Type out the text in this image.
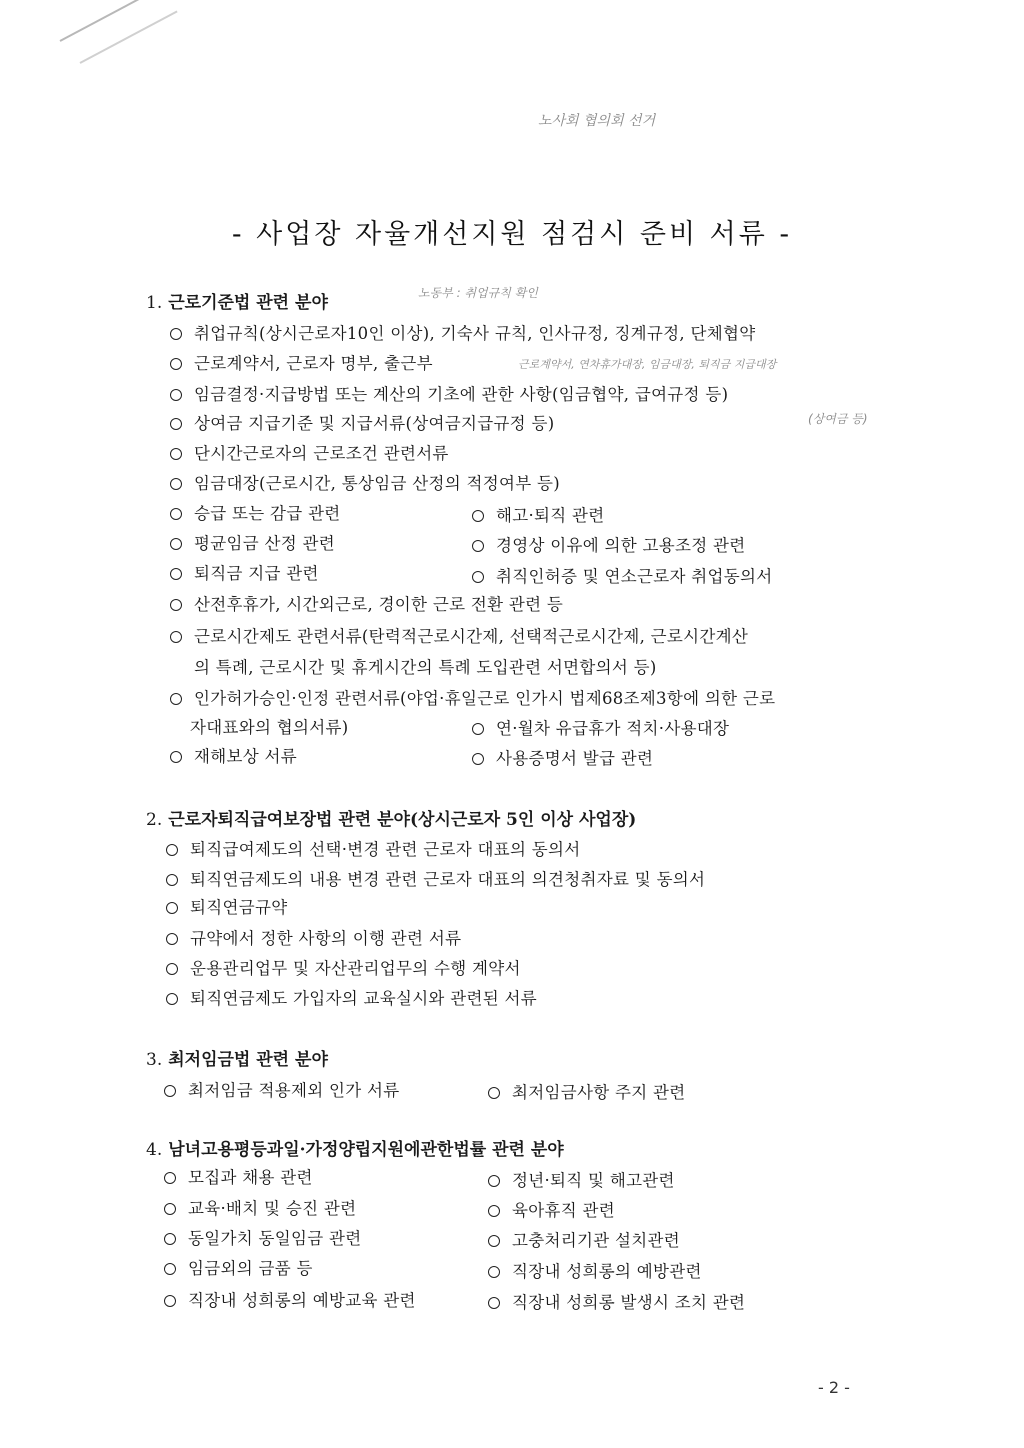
노사회 협의회 선거
- 사업장 자율개선지원 점검시 준비 서류 -
1. 근로기준법 관련 분야	노동부 : 취업규칙 확인
취업규칙(상시근로자10인 이상), 기숙사 규칙, 인사규정, 징계규정, 단체협약
근로계약서, 근로자 명부, 출근부	근로계약서, 연차휴가대장, 임금대장, 퇴직금 지급대장
임금결정·지급방법 또는 계산의 기초에 관한 사항(임금협약, 급여규정 등)
상여금 지급기준 및 지급서류(상여금지급규정 등)	(상여금 등)
단시간근로자의 근로조건 관련서류
임금대장(근로시간, 통상임금 산정의 적정여부 등)
승급 또는 감급 관련	해고·퇴직 관련
평균임금 산정 관련	경영상 이유에 의한 고용조정 관련
퇴직금 지급 관련	취직인허증 및 연소근로자 취업동의서
산전후휴가, 시간외근로, 경이한 근로 전환 관련 등
근로시간제도 관련서류(탄력적근로시간제, 선택적근로시간제, 근로시간계산
의 특례, 근로시간 및 휴게시간의 특례 도입관련 서면합의서 등)
인가허가승인·인정 관련서류(야업·휴일근로 인가시 법제68조제3항에 의한 근로
자대표와의 협의서류)	연·월차 유급휴가 적치·사용대장
재해보상 서류	사용증명서 발급 관련
2. 근로자퇴직급여보장법 관련 분야(상시근로자 5인 이상 사업장)
퇴직급여제도의 선택·변경 관련 근로자 대표의 동의서
퇴직연금제도의 내용 변경 관련 근로자 대표의 의견청취자료 및 동의서
퇴직연금규약
규약에서 정한 사항의 이행 관련 서류
운용관리업무 및 자산관리업무의 수행 계약서
퇴직연금제도 가입자의 교육실시와 관련된 서류
3. 최저임금법 관련 분야
최저임금 적용제외 인가 서류	최저임금사항 주지 관련
4. 남녀고용평등과일·가정양립지원에관한법률 관련 분야
모집과 채용 관련	정년·퇴직 및 해고관련
교육·배치 및 승진 관련	육아휴직 관련
동일가치 동일임금 관련	고충처리기관 설치관련
임금외의 금품 등	직장내 성희롱의 예방관련
직장내 성희롱의 예방교육 관련	직장내 성희롱 발생시 조치 관련
- 2 -
